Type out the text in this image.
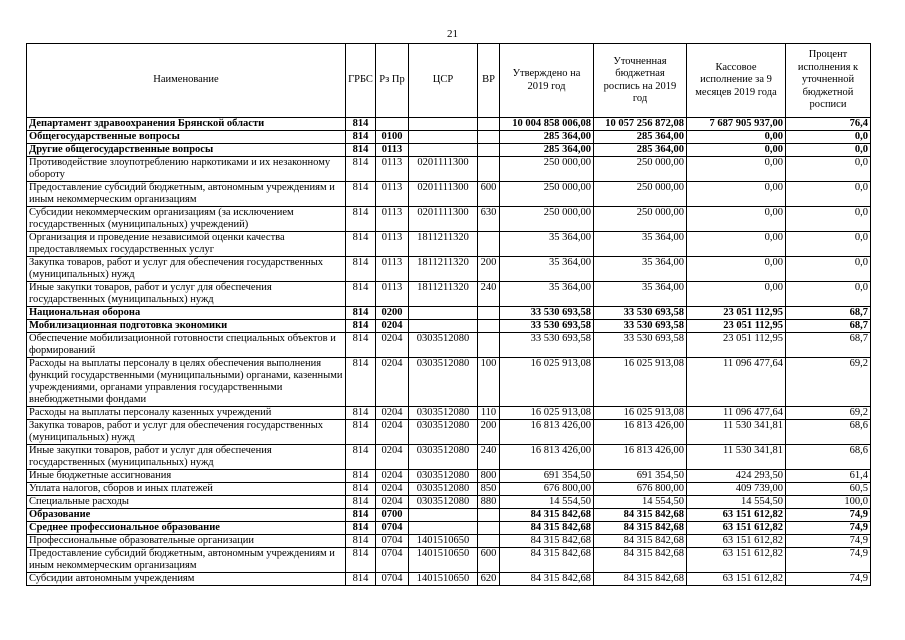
21
Наименование	ГРБС	Рз Пр	ЦСР	ВР	Утверждено на 2019 год	Уточненная бюджетная роспись на 2019 год	Кассовое исполнение за 9 месяцев 2019 года	Процент исполнения к уточненной бюджетной росписи
Департамент здравоохранения Брянской области	814				10 004 858 006,08	10 057 256 872,08	7 687 905 937,00	76,4
Общегосударственные вопросы	814	0100			285 364,00	285 364,00	0,00	0,0
Другие общегосударственные вопросы	814	0113			285 364,00	285 364,00	0,00	0,0
Противодействие злоупотреблению наркотиками и их незаконному обороту	814	0113	0201111300		250 000,00	250 000,00	0,00	0,0
Предоставление субсидий бюджетным, автономным учреждениям и иным некоммерческим организациям	814	0113	0201111300	600	250 000,00	250 000,00	0,00	0,0
Субсидии некоммерческим организациям (за исключением государственных (муниципальных) учреждений)	814	0113	0201111300	630	250 000,00	250 000,00	0,00	0,0
Организация и проведение независимой оценки качества предоставляемых государственных услуг	814	0113	1811211320		35 364,00	35 364,00	0,00	0,0
Закупка товаров, работ и услуг для обеспечения государственных (муниципальных) нужд	814	0113	1811211320	200	35 364,00	35 364,00	0,00	0,0
Иные закупки товаров, работ и услуг для обеспечения государственных (муниципальных) нужд	814	0113	1811211320	240	35 364,00	35 364,00	0,00	0,0
Национальная оборона	814	0200			33 530 693,58	33 530 693,58	23 051 112,95	68,7
Мобилизационная подготовка экономики	814	0204			33 530 693,58	33 530 693,58	23 051 112,95	68,7
Обеспечение мобилизационной готовности специальных объектов и формирований	814	0204	0303512080		33 530 693,58	33 530 693,58	23 051 112,95	68,7
Расходы на выплаты персоналу в целях обеспечения выполнения функций государственными (муниципальными) органами, казенными учреждениями, органами управления государственными внебюджетными фондами	814	0204	0303512080	100	16 025 913,08	16 025 913,08	11 096 477,64	69,2
Расходы на выплаты персоналу казенных учреждений	814	0204	0303512080	110	16 025 913,08	16 025 913,08	11 096 477,64	69,2
Закупка товаров, работ и услуг для обеспечения государственных (муниципальных) нужд	814	0204	0303512080	200	16 813 426,00	16 813 426,00	11 530 341,81	68,6
Иные закупки товаров, работ и услуг для обеспечения государственных (муниципальных) нужд	814	0204	0303512080	240	16 813 426,00	16 813 426,00	11 530 341,81	68,6
Иные бюджетные ассигнования	814	0204	0303512080	800	691 354,50	691 354,50	424 293,50	61,4
Уплата налогов, сборов и иных платежей	814	0204	0303512080	850	676 800,00	676 800,00	409 739,00	60,5
Специальные расходы	814	0204	0303512080	880	14 554,50	14 554,50	14 554,50	100,0
Образование	814	0700			84 315 842,68	84 315 842,68	63 151 612,82	74,9
Среднее профессиональное образование	814	0704			84 315 842,68	84 315 842,68	63 151 612,82	74,9
Профессиональные образовательные организации	814	0704	1401510650		84 315 842,68	84 315 842,68	63 151 612,82	74,9
Предоставление субсидий бюджетным, автономным учреждениям и иным некоммерческим организациям	814	0704	1401510650	600	84 315 842,68	84 315 842,68	63 151 612,82	74,9
Субсидии автономным учреждениям	814	0704	1401510650	620	84 315 842,68	84 315 842,68	63 151 612,82	74,9
